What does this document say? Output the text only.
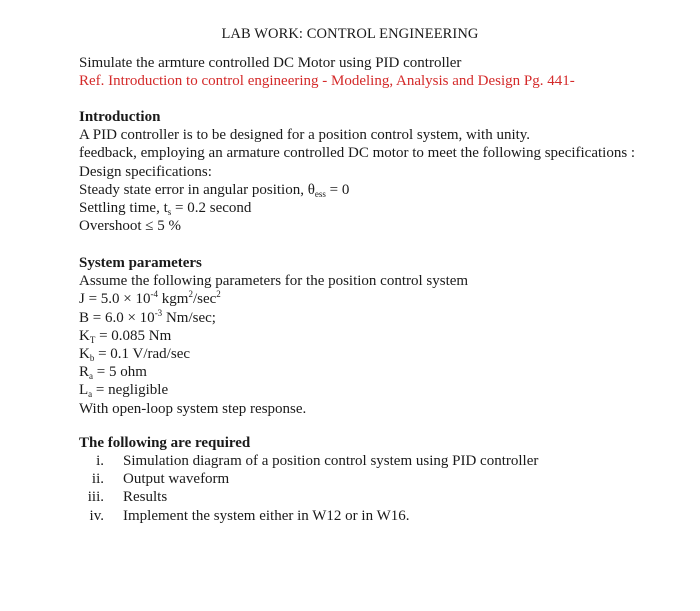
LAB WORK: CONTROL ENGINEERING
Simulate the armture controlled DC Motor using PID controller
Ref. Introduction to control engineering - Modeling, Analysis and Design Pg. 441-
Introduction
A PID controller is to be designed for a position control system, with unity.
feedback, employing an armature controlled DC motor to meet the following specifications :
Design specifications:
Steady state error in angular position, $\theta_{ess} = 0$
Settling time, $t_s = 0.2$ second
Overshoot ≤ 5 %
System parameters
Assume the following parameters for the position control system
$J = 5.0 \times 10^{-4}$ $kgm^2/\sec^2$
$B = 6.0 \times 10^{-3}$ Nm/sec;
$K_T = 0.085$ Nm
$K_b = 0.1$ V/rad/sec
$R_a = 5$ ohm
$L_a$ = negligible
With open-loop system step response.
The following are required
i. Simulation diagram of a position control system using PID controller
ii. Output waveform
iii. Results
iv. Implement the system either in W12 or in W16.
